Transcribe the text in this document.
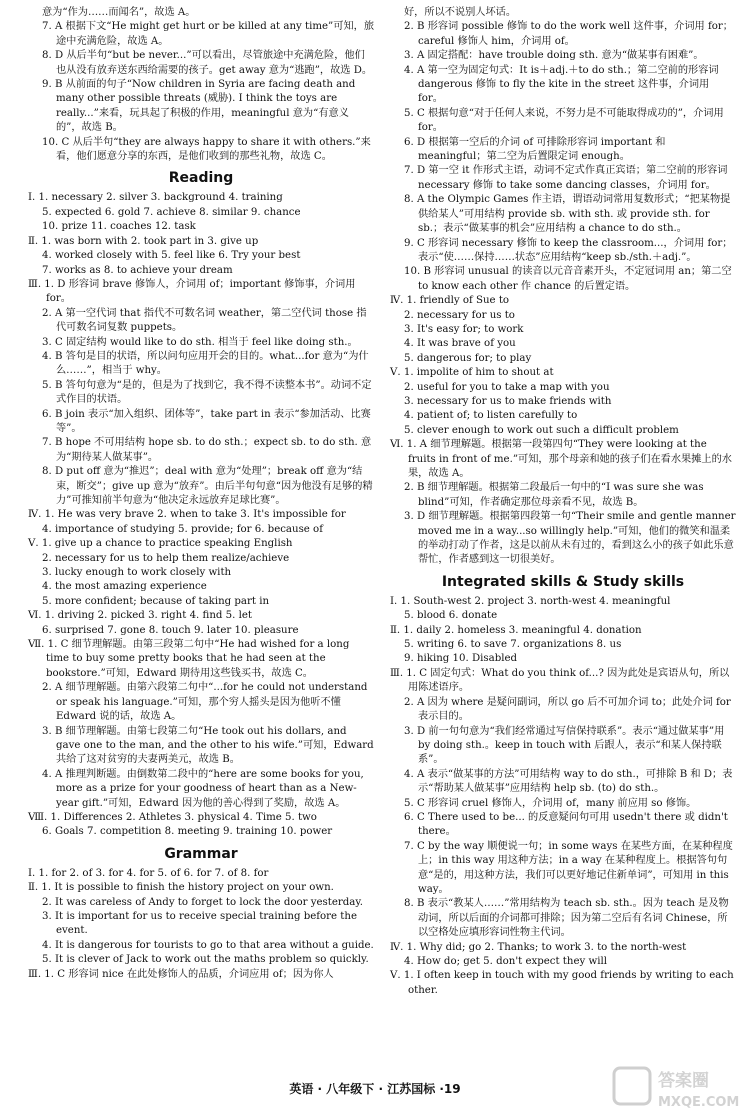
意为“作为……而闻名”，故选 A。

7. A 根据下文“He might get hurt or be killed at any time”可知，旅途中充满危险，故选 A。

8. D 从后半句“but be never...”可以看出，尽管旅途中充满危险，他们也从没有放弃送东西给需要的孩子。get away 意为“逃跑”，故选 D。

9. B 从前面的句子“Now children in Syria are facing death and many other possible threats (威胁). I think the toys are really...”来看，玩具起了积极的作用，meaningful 意为“有意义的”，故选 B。

10. C 从后半句“they are always happy to share it with others.”来看，他们愿意分享的东西，是他们收到的那些礼物，故选 C。

Reading

Ⅰ. 1. necessary 2. silver 3. background 4. training

5. expected 6. gold 7. achieve 8. similar 9. chance

10. prize 11. coaches 12. task

Ⅱ. 1. was born with 2. took part in 3. give up

4. worked closely with 5. feel like 6. Try your best

7. works as 8. to achieve your dream

Ⅲ. 1. D 形容词 brave 修饰人，介词用 of；important 修饰事，介词用 for。

2. A 第一空代词 that 指代不可数名词 weather，第二空代词 those 指代可数名词复数 puppets。

3. C 固定结构 would like to do sth. 相当于 feel like doing sth.。

4. B 答句是目的状语，所以问句应用开会的目的。what...for 意为“为什么……”，相当于 why。

5. B 答句句意为“是的，但是为了找到它，我不得不读整本书”。动词不定式作目的状语。

6. B join 表示“加入组织、团体等”，take part in 表示“参加活动、比赛等”。

7. B hope 不可用结构 hope sb. to do sth.；expect sb. to do sth. 意为“期待某人做某事”。

8. D put off 意为“推迟”；deal with 意为“处理”；break off 意为“结束，断交”；give up 意为“放弃”。由后半句句意“因为他没有足够的精力”可推知前半句意为“他决定永远放弃足球比赛”。

Ⅳ. 1. He was very brave 2. when to take 3. It's impossible for

4. importance of studying 5. provide; for 6. because of

Ⅴ. 1. give up a chance to practice speaking English

2. necessary for us to help them realize/achieve

3. lucky enough to work closely with

4. the most amazing experience

5. more confident; because of taking part in

Ⅵ. 1. driving 2. picked 3. right 4. find 5. let

6. surprised 7. gone 8. touch 9. later 10. pleasure

Ⅶ. 1. C 细节理解题。由第三段第二句中“He had wished for a long time to buy some pretty books that he had seen at the bookstore.”可知，Edward 期待用这些钱买书，故选 C。

2. A 细节理解题。由第六段第二句中“...for he could not understand or speak his language.”可知，那个穷人摇头是因为他听不懂 Edward 说的话，故选 A。

3. B 细节理解题。由第七段第二句“He took out his dollars, and gave one to the man, and the other to his wife.”可知，Edward 共给了这对贫穷的夫妻两美元，故选 B。

4. A 推理判断题。由倒数第二段中的“here are some books for you, more as a prize for your goodness of heart than as a New-year gift.”可知，Edward 因为他的善心得到了奖励，故选 A。

Ⅷ. 1. Differences 2. Athletes 3. physical 4. Time 5. two

6. Goals 7. competition 8. meeting 9. training 10. power

Grammar

Ⅰ. 1. for 2. of 3. for 4. for 5. of 6. for 7. of 8. for

Ⅱ. 1. It is possible to finish the history project on your own.

2. It was careless of Andy to forget to lock the door yesterday.

3. It is important for us to receive special training before the event.

4. It is dangerous for tourists to go to that area without a guide.

5. It is clever of Jack to work out the maths problem so quickly.

Ⅲ. 1. C 形容词 nice 在此处修饰人的品质，介词应用 of；因为你人

好，所以不说别人坏话。

2. B 形容词 possible 修饰 to do the work well 这件事，介词用 for；careful 修饰人 him，介词用 of。

3. A 固定搭配：have trouble doing sth. 意为“做某事有困难”。

4. A 第一空为固定句式：It is＋adj.＋to do sth.；第二空前的形容词 dangerous 修饰 to fly the kite in the street 这件事，介词用 for。

5. C 根据句意“对于任何人来说，不努力是不可能取得成功的”，介词用 for。

6. D 根据第一空后的介词 of 可排除形容词 important 和 meaningful；第二空为后置限定词 enough。

7. D 第一空 it 作形式主语，动词不定式作真正宾语；第二空前的形容词 necessary 修饰 to take some dancing classes，介词用 for。

8. A the Olympic Games 作主语，谓语动词常用复数形式；“把某物提供给某人”可用结构 provide sb. with sth. 或 provide sth. for sb.；表示“做某事的机会”应用结构 a chance to do sth.。

9. C 形容词 necessary 修饰 to keep the classroom...，介词用 for；表示“使……保持……状态”应用结构“keep sb./sth.＋adj.”。

10. B 形容词 unusual 的读音以元音音素开头，不定冠词用 an；第二空 to know each other 作 chance 的后置定语。

Ⅳ. 1. friendly of Sue to

2. necessary for us to

3. It's easy for; to work

4. It was brave of you

5. dangerous for; to play

Ⅴ. 1. impolite of him to shout at

2. useful for you to take a map with you

3. necessary for us to make friends with

4. patient of; to listen carefully to

5. clever enough to work out such a difficult problem

Ⅵ. 1. A 细节理解题。根据第一段第四句“They were looking at the fruits in front of me.”可知，那个母亲和她的孩子们在看水果摊上的水果，故选 A。

2. B 细节理解题。根据第二段最后一句中的“I was sure she was blind”可知，作者确定那位母亲看不见，故选 B。

3. D 细节理解题。根据第四段第一句“Their smile and gentle manner moved me in a way...so willingly help.”可知，他们的微笑和温柔的举动打动了作者，这是以前从未有过的，看到这么小的孩子如此乐意帮忙，作者感到这一切很美好。

Integrated skills & Study skills

Ⅰ. 1. South-west 2. project 3. north-west 4. meaningful

5. blood 6. donate

Ⅱ. 1. daily 2. homeless 3. meaningful 4. donation

5. writing 6. to save 7. organizations 8. us

9. hiking 10. Disabled

Ⅲ. 1. C 固定句式：What do you think of...? 因为此处是宾语从句，所以用陈述语序。

2. A 因为 where 是疑问副词，所以 go 后不可加介词 to；此处介词 for 表示目的。

3. D 前一句句意为“我们经常通过写信保持联系”。表示“通过做某事”用 by doing sth.。keep in touch with 后跟人，表示“和某人保持联系”。

4. A 表示“做某事的方法”可用结构 way to do sth.，可排除 B 和 D；表示“帮助某人做某事”应用结构 help sb. (to) do sth.。

5. C 形容词 cruel 修饰人，介词用 of，many 前应用 so 修饰。

6. C There used to be... 的反意疑问句可用 usedn't there 或 didn't there。

7. C by the way 顺便说一句；in some ways 在某些方面，在某种程度上；in this way 用这种方法；in a way 在某种程度上。根据答句句意“是的，用这种方法，我们可以更好地记住新单词”，可知用 in this way。

8. B 表示“教某人……”常用结构为 teach sb. sth.。因为 teach 是及物动词，所以后面的介词都可排除；因为第二空后有名词 Chinese，所以空格处应填形容词性物主代词。

Ⅳ. 1. Why did; go 2. Thanks; to work 3. to the north-west

4. How do; get 5. don't expect they will

Ⅴ. 1. I often keep in touch with my good friends by writing to each other.

英语 · 八年级下 · 江苏国标 ·19	答案圈
MXQE.COM
